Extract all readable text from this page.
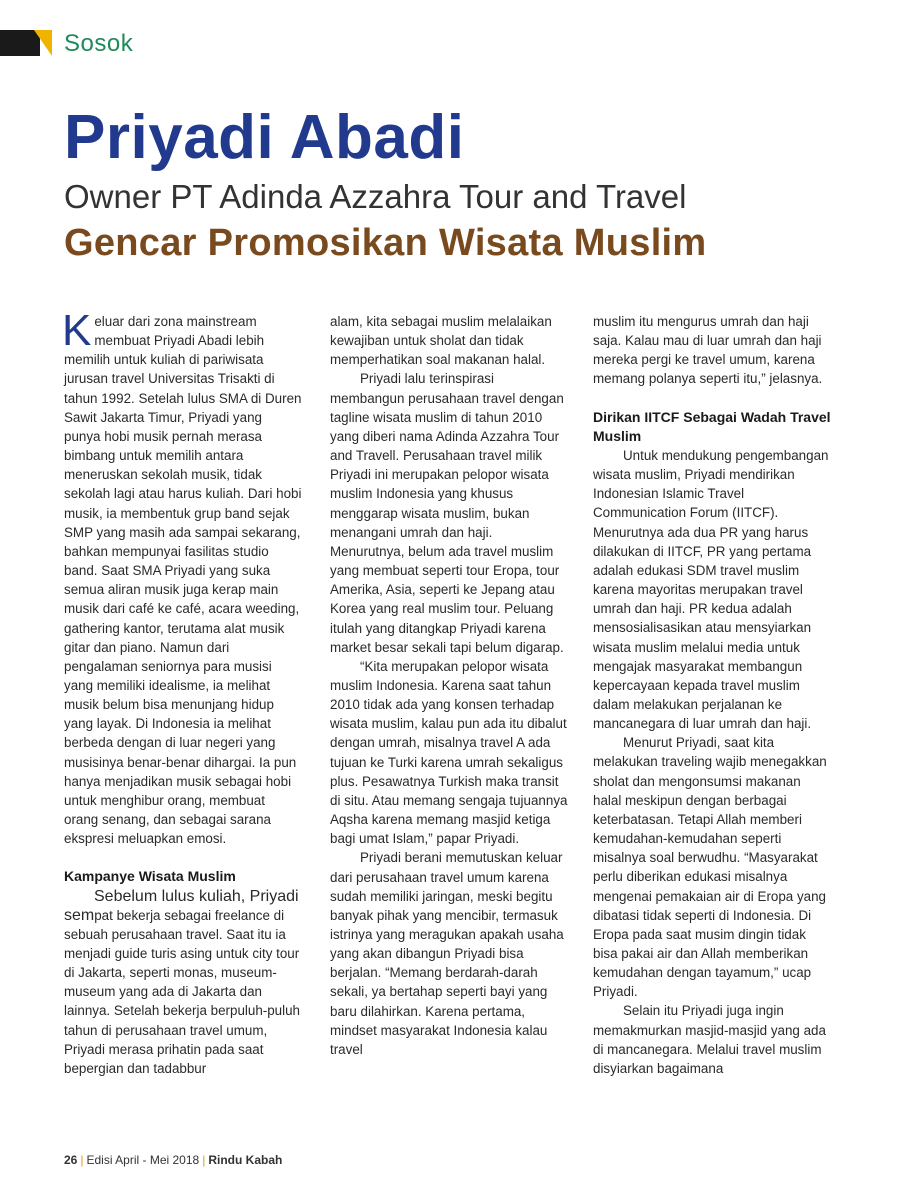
Sosok
Priyadi Abadi
Owner PT Adinda Azzahra Tour and Travel
Gencar Promosikan Wisata Muslim

Keluar dari zona mainstream membuat Priyadi Abadi lebih memilih untuk kuliah di pariwisata jurusan travel Universitas Trisakti di tahun 1992. Setelah lulus SMA di Duren Sawit Jakarta Timur, Priyadi yang punya hobi musik pernah merasa bimbang untuk memilih antara meneruskan sekolah musik, tidak sekolah lagi atau harus kuliah. Dari hobi musik, ia membentuk grup band sejak SMP yang masih ada sampai sekarang, bahkan mempunyai fasilitas studio band. Saat SMA Priyadi yang suka semua aliran musik juga kerap main musik dari café ke café, acara weeding, gathering kantor, terutama alat musik gitar dan piano. Namun dari pengalaman seniornya para musisi yang memiliki idealisme, ia melihat musik belum bisa menunjang hidup yang layak. Di Indonesia ia melihat berbeda dengan di luar negeri yang musisinya benar-benar dihargai. Ia pun hanya menjadikan musik sebagai hobi untuk menghibur orang, membuat orang senang, dan sebagai sarana ekspresi meluapkan emosi.

Kampanye Wisata Muslim

Sebelum lulus kuliah, Priyadi sempat bekerja sebagai freelance di sebuah perusahaan travel. Saat itu ia menjadi guide turis asing untuk city tour di Jakarta, seperti monas, museum-museum yang ada di Jakarta dan lainnya. Setelah bekerja berpuluh-puluh tahun di perusahaan travel umum, Priyadi merasa prihatin pada saat bepergian dan tadabbur

alam, kita sebagai muslim melalaikan kewajiban untuk sholat dan tidak memperhatikan soal makanan halal.

Priyadi lalu terinspirasi membangun perusahaan travel dengan tagline wisata muslim di tahun 2010 yang diberi nama Adinda Azzahra Tour and Travell. Perusahaan travel milik Priyadi ini merupakan pelopor wisata muslim Indonesia yang khusus menggarap wisata muslim, bukan menangani umrah dan haji. Menurutnya, belum ada travel muslim yang membuat seperti tour Eropa, tour Amerika, Asia, seperti ke Jepang atau Korea yang real muslim tour. Peluang itulah yang ditangkap Priyadi karena market besar sekali tapi belum digarap.

“Kita merupakan pelopor wisata muslim Indonesia. Karena saat tahun 2010 tidak ada yang konsen terhadap wisata muslim, kalau pun ada itu dibalut dengan umrah, misalnya travel A ada tujuan ke Turki karena umrah sekaligus plus. Pesawatnya Turkish maka transit di situ. Atau memang sengaja tujuannya Aqsha karena memang masjid ketiga bagi umat Islam,” papar Priyadi.

Priyadi berani memutuskan keluar dari perusahaan travel umum karena sudah memiliki jaringan, meski begitu banyak pihak yang mencibir, termasuk istrinya yang meragukan apakah usaha yang akan dibangun Priyadi bisa berjalan. “Memang berdarah-darah sekali, ya bertahap seperti bayi yang baru dilahirkan. Karena pertama, mindset masyarakat Indonesia kalau travel

muslim itu mengurus umrah dan haji saja. Kalau mau di luar umrah dan haji mereka pergi ke travel umum, karena memang polanya seperti itu,” jelasnya.

Dirikan IITCF Sebagai Wadah Travel Muslim

Untuk mendukung pengembangan wisata muslim, Priyadi mendirikan Indonesian Islamic Travel Communication Forum (IITCF). Menurutnya ada dua PR yang harus dilakukan di IITCF, PR yang pertama adalah edukasi SDM travel muslim karena mayoritas merupakan travel umrah dan haji. PR kedua adalah mensosialisasikan atau mensyiarkan wisata muslim melalui media untuk mengajak masyarakat membangun kepercayaan kepada travel muslim dalam melakukan perjalanan ke mancanegara di luar umrah dan haji.

Menurut Priyadi, saat kita melakukan traveling wajib menegakkan sholat dan mengonsumsi makanan halal meskipun dengan berbagai keterbatasan. Tetapi Allah memberi kemudahan-kemudahan seperti misalnya soal berwudhu. “Masyarakat perlu diberikan edukasi misalnya mengenai pemakaian air di Eropa yang dibatasi tidak seperti di Indonesia. Di Eropa pada saat musim dingin tidak bisa pakai air dan Allah memberikan kemudahan dengan tayamum,” ucap Priyadi.

Selain itu Priyadi juga ingin memakmurkan masjid-masjid yang ada di mancanegara. Melalui travel muslim disyiarkan bagaimana

26 | Edisi April - Mei 2018 | Rindu Kabah
